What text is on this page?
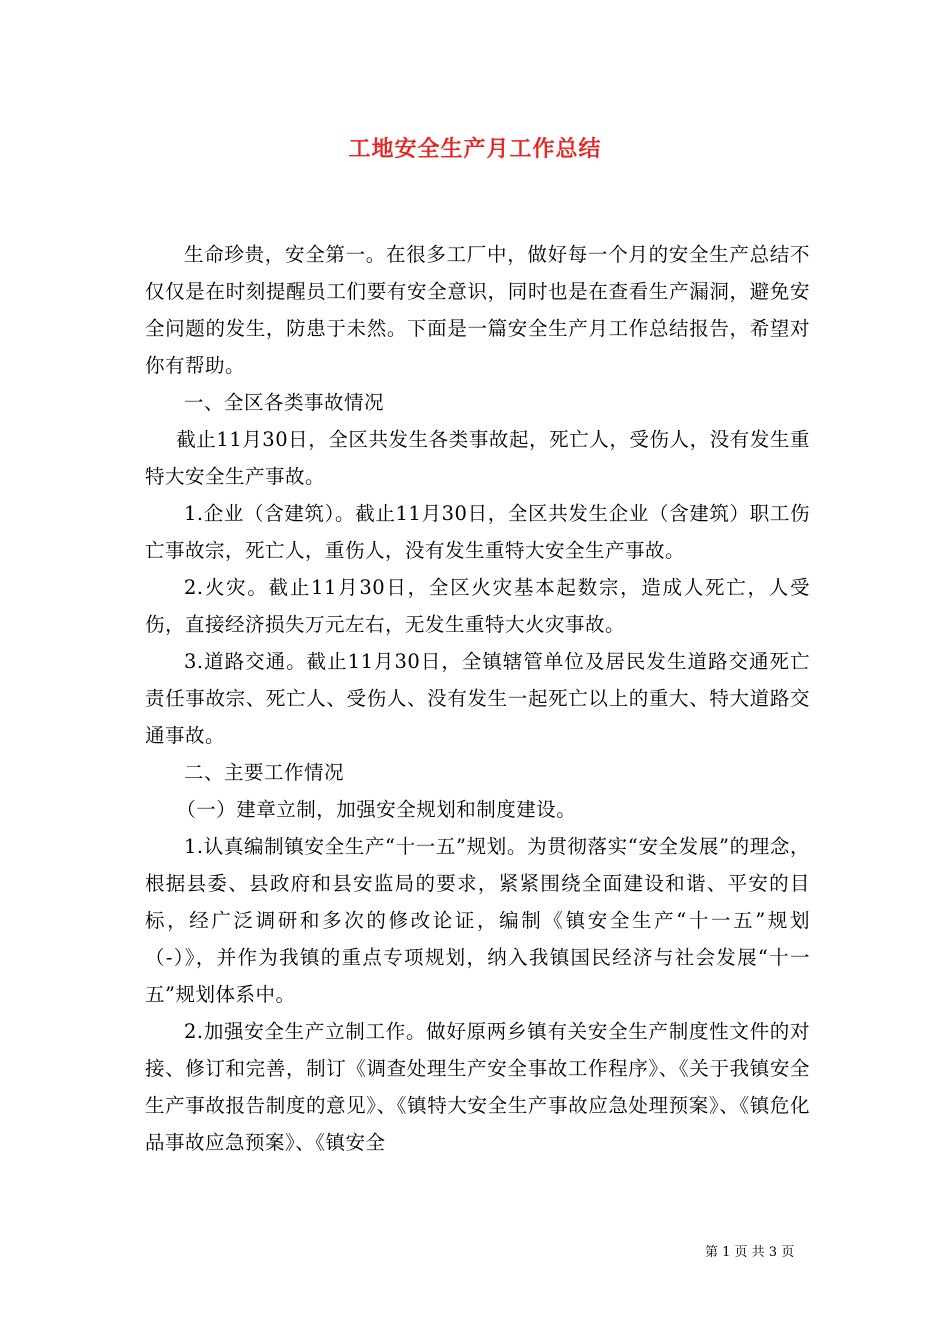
工地安全生产月工作总结

生命珍贵，安全第一。在很多工厂中，做好每一个月的安全生产总结不仅仅是在时刻提醒员工们要有安全意识，同时也是在查看生产漏洞，避免安全问题的发生，防患于未然。下面是一篇安全生产月工作总结报告，希望对你有帮助。

一、全区各类事故情况

截止11月30日，全区共发生各类事故起，死亡人，受伤人，没有发生重特大安全生产事故。

1.企业（含建筑）。截止11月30日，全区共发生企业（含建筑）职工伤亡事故宗，死亡人，重伤人，没有发生重特大安全生产事故。

2.火灾。截止11月30日，全区火灾基本起数宗，造成人死亡，人受伤，直接经济损失万元左右，无发生重特大火灾事故。

3.道路交通。截止11月30日，全镇辖管单位及居民发生道路交通死亡责任事故宗、死亡人、受伤人、没有发生一起死亡以上的重大、特大道路交通事故。

二、主要工作情况

（一）建章立制，加强安全规划和制度建设。

1.认真编制镇安全生产“十一五”规划。为贯彻落实“安全发展”的理念，根据县委、县政府和县安监局的要求，紧紧围绕全面建设和谐、平安的目标，经广泛调研和多次的修改论证，编制《镇安全生产“十一五”规划（-）》，并作为我镇的重点专项规划，纳入我镇国民经济与社会发展“十一五”规划体系中。

2.加强安全生产立制工作。做好原两乡镇有关安全生产制度性文件的对接、修订和完善，制订《调查处理生产安全事故工作程序》、《关于我镇安全生产事故报告制度的意见》、《镇特大安全生产事故应急处理预案》、《镇危化品事故应急预案》、《镇安全

第 1 页 共 3 页
